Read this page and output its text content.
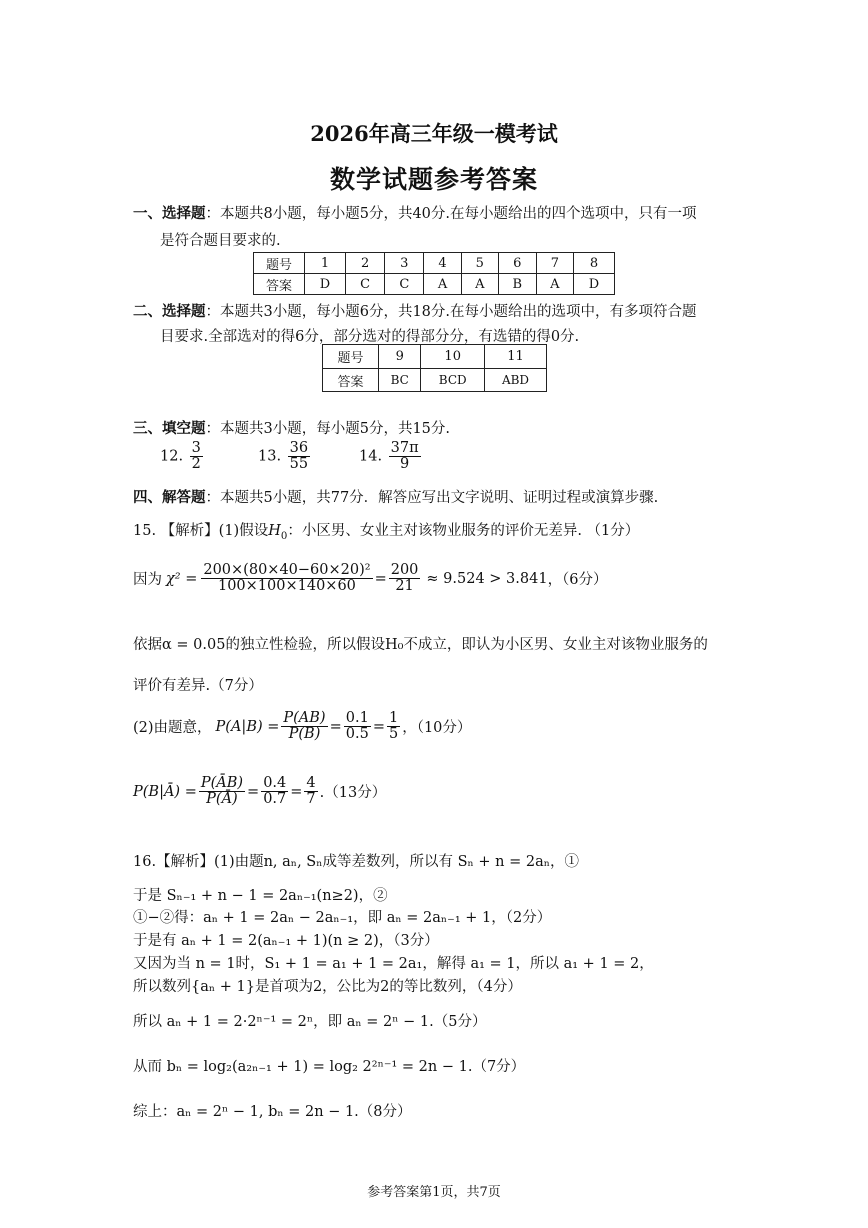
2026年高三年级一模考试
数学试题参考答案
一、选择题：本题共8小题，每小题5分，共40分.在每小题给出的四个选项中，只有一项
是符合题目要求的.
题号	1	2	3	4	5	6	7	8
答案	D	C	C	A	A	B	A	D
二、选择题：本题共3小题，每小题6分，共18分.在每小题给出的选项中，有多项符合题
目要求.全部选对的得6分，部分选对的得部分分，有选错的得0分.
题号	9	10	11
答案	BC	BCD	ABD
三、填空题：本题共3小题，每小题5分，共15分.
12. $\frac{3}{2}$	13. $\frac{36}{55}$	14. $\frac{37\pi}{9}$
四、解答题：本题共5小题，共77分．解答应写出文字说明、证明过程或演算步骤.
15. 【解析】(1)假设$H_0$：小区男、女业主对该物业服务的评价无差异. （1分）
因为 $\chi^2 = \frac{\text{200×(80×40−60×20)²}}{100\times 100\times 140\times 60} = \frac{200}{21} \approx 9.524 > 3.841$ ，（6分）
依据α = 0.05的独立性检验，所以假设H₀不成立，即认为小区男、女业主对该物业服务的
评价有差异.（7分）
(2)由题意， $P(A|B) = \frac{P(AB)}{P(B)} = \frac{0.1}{0.5} = \frac{1}{5}$ ，（10分）
P(B|Ā) = $\frac{P(ĀB)}{P(Ā)} = \frac{0.4}{0.7} = \frac{4}{7} .(13$分）
16.【解析】(1)由题n, aₙ, Sₙ成等差数列，所以有 Sₙ + n = 2aₙ，①
于是 Sₙ₋₁ + n − 1 = 2aₙ₋₁(n≥2)，②
①−②得：aₙ + 1 = 2aₙ − 2aₙ₋₁，即 aₙ = 2aₙ₋₁ + 1，（2分）
于是有 aₙ + 1 = 2(aₙ₋₁ + 1)(n ≥ 2)，（3分）
又因为当 n = 1时，S₁ + 1 = a₁ + 1 = 2a₁，解得 a₁ = 1，所以 a₁ + 1 = 2，
所以数列{aₙ + 1}是首项为2，公比为2的等比数列，（4分）
所以 aₙ + 1 = 2·2ⁿ⁻¹ = 2ⁿ，即 aₙ = 2ⁿ − 1.（5分）
从而 bₙ = log₂(a₂ₙ₋₁ + 1) = log₂ 2²ⁿ⁻¹ = 2n − 1.（7分）
综上：aₙ = 2ⁿ − 1, bₙ = 2n − 1.（8分）
参考答案第1页，共7页
